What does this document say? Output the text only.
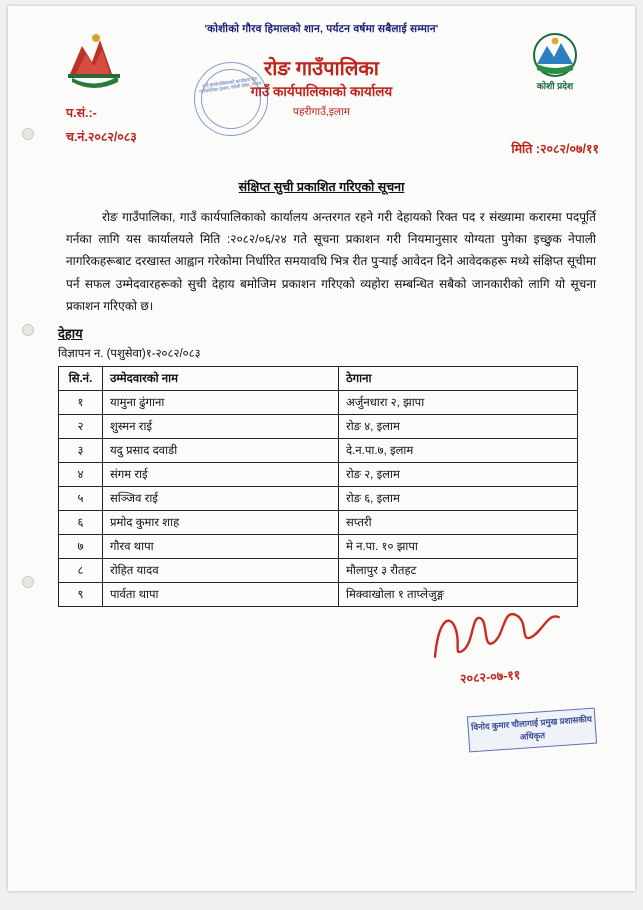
'कोशीको गौरव हिमालको शान, पर्यटन वर्षमा सबैलाई सम्मान'
रोङ गाउँपालिका
गाउँ कार्यपालिकाको कार्यालय
पहरीगाउँ,इलाम
गाउँ कार्यपालिकाको कार्यालय रोङ गाउँपालिका इलाम, कोशी प्रदेश, नेपाल	कोशी प्रदेश
प.सं.:-
च.नं.२०८२/०८३
मिति :२०८२/०७/११
संक्षिप्त सुची प्रकाशित गरिएको सूचना
रोङ गाउँपालिका, गाउँ कार्यपालिकाको कार्यालय अन्तरगत रहने गरी देहायको रिक्त पद र संख्यामा करारमा पदपूर्ति गर्नका लागि यस कार्यालयले मिति :२०८२/०६/२४ गते सूचना प्रकाशन गरी नियमानुसार योग्यता पुगेका इच्छुक नेपाली नागरिकहरूबाट दरखास्त आह्वान गरेकोमा निर्धारित समयावधि भित्र रीत पुर्‍याई आवेदन दिने आवेदकहरू मध्ये संक्षिप्त सूचीमा पर्न सफल उम्मेदवारहरूको सुची देहाय बमोजिम प्रकाशन गरिएको व्यहोरा सम्बन्धित सबैको जानकारीको लागि यो सूचना प्रकाशन गरिएको छ।
देहाय
विज्ञापन न. (पशुसेवा)१-२०८२/०८३
सि.नं.	उम्मेदवारको नाम	ठेगाना
१	यामुना ढुंगाना	अर्जुनधारा २, झापा
२	शुस्मन राई	रोङ ४, इलाम
३	यदु प्रसाद दवाडी	दे.न.पा.७, इलाम
४	संगम राई	रोङ २, इलाम
५	सञ्जिव राई	रोङ ६, इलाम
६	प्रमोद कुमार शाह	सप्तरी
७	गौरव थापा	मे न.पा. १० झापा
८	रोहित यादव	मौलापुर ३ रौतहट
९	पार्वता थापा	मिक्वाखोला १ ताप्लेजुङ्ग
२०८२-०७-११
विनोद कुमार चौलागाई प्रमुख प्रशासकीय अधिकृत
